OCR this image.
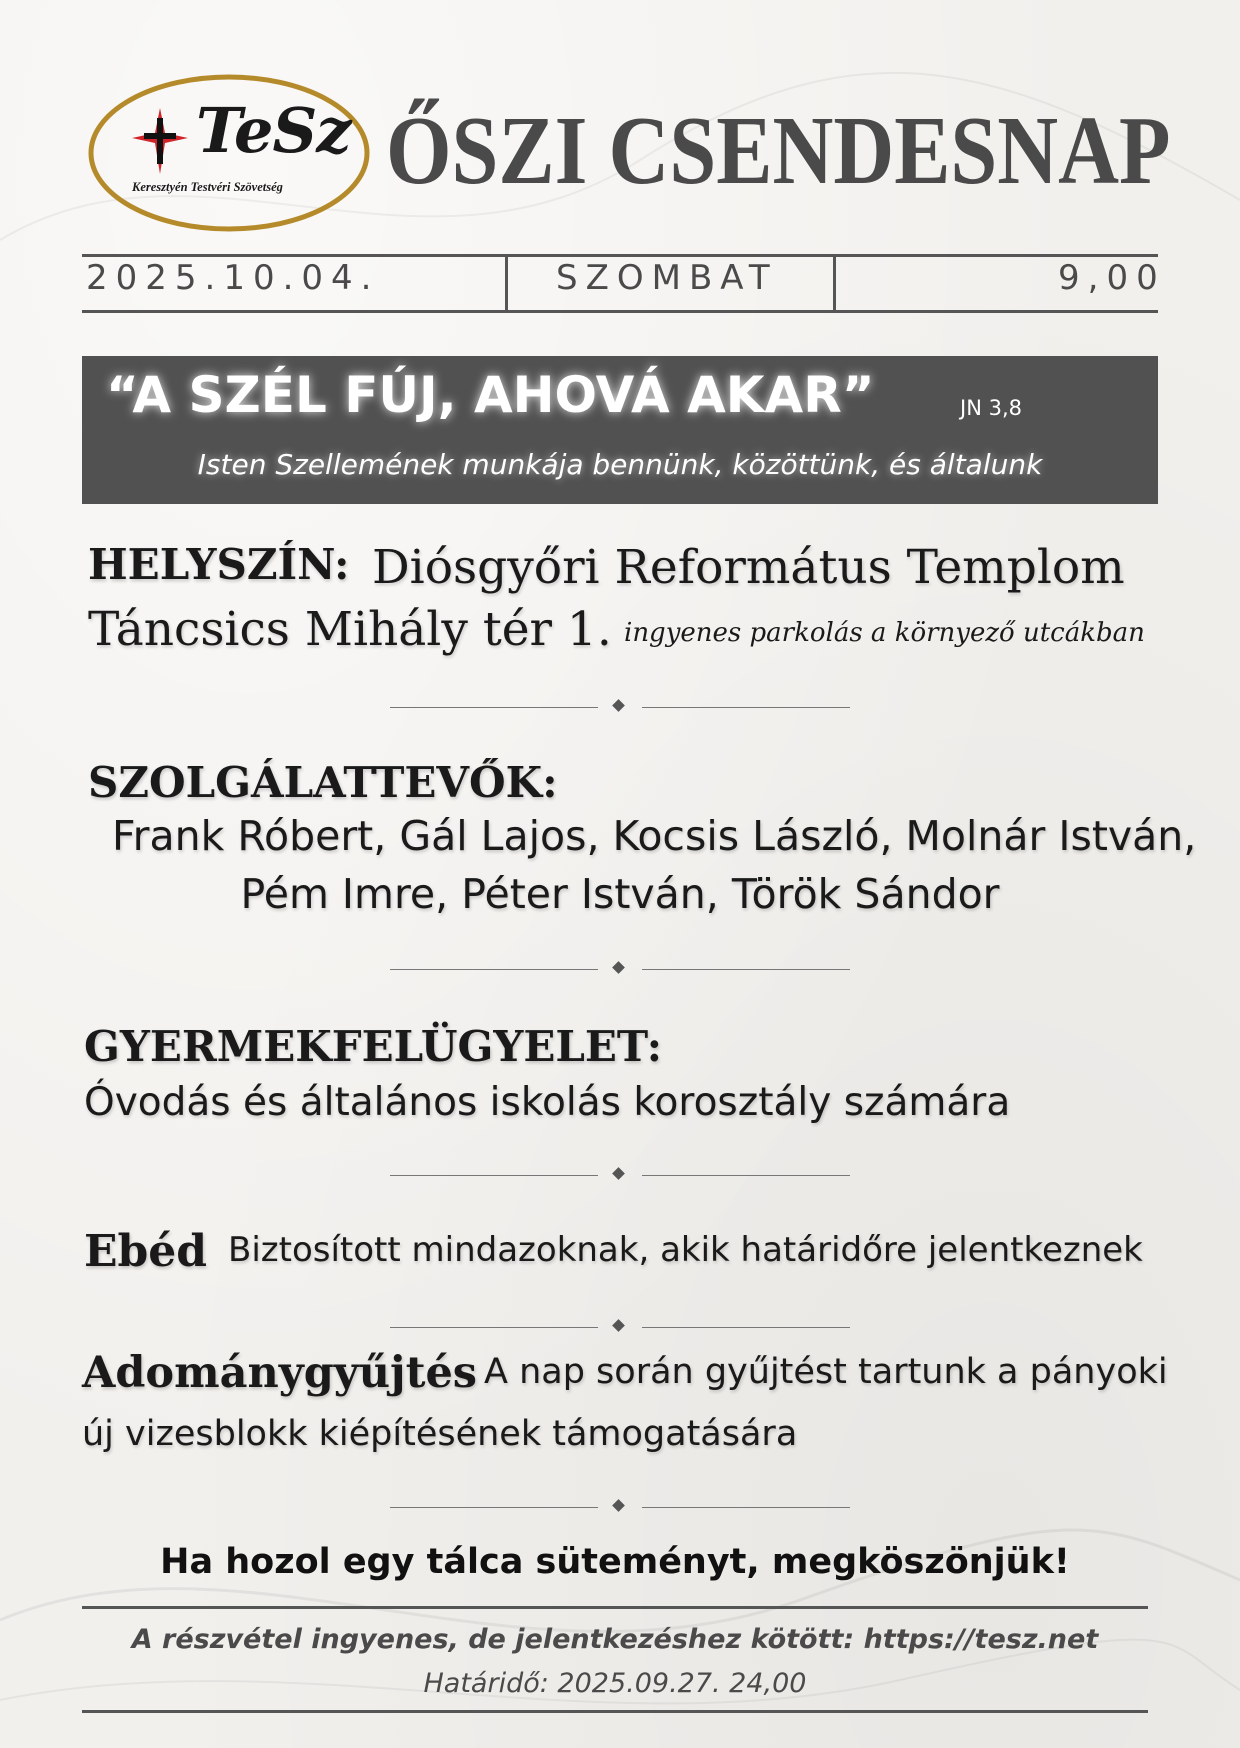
TeSz
Keresztyén Testvéri Szövetség	ŐSZI CSENDESNAP
2025.10.04.	SZOMBAT	9,00
“A SZÉL FÚJ, AHOVÁ AKAR”	JN 3,8
Isten Szellemének munkája bennünk, közöttünk, és általunk
HELYSZÍN: Diósgyőri Református Templom
Táncsics Mihály tér 1. ingyenes parkolás a környező utcákban
SZOLGÁLATTEVŐK:
Frank Róbert, Gál Lajos, Kocsis László, Molnár István,
Pém Imre, Péter István, Török Sándor
GYERMEKFELÜGYELET:
Óvodás és általános iskolás korosztály számára
Ebéd Biztosított mindazoknak, akik határidőre jelentkeznek
Adománygyűjtés A nap során gyűjtést tartunk a pányoki
új vizesblokk kiépítésének támogatására
Ha hozol egy tálca süteményt, megköszönjük!
A részvétel ingyenes, de jelentkezéshez kötött: https://tesz.net
Határidő: 2025.09.27. 24,00
